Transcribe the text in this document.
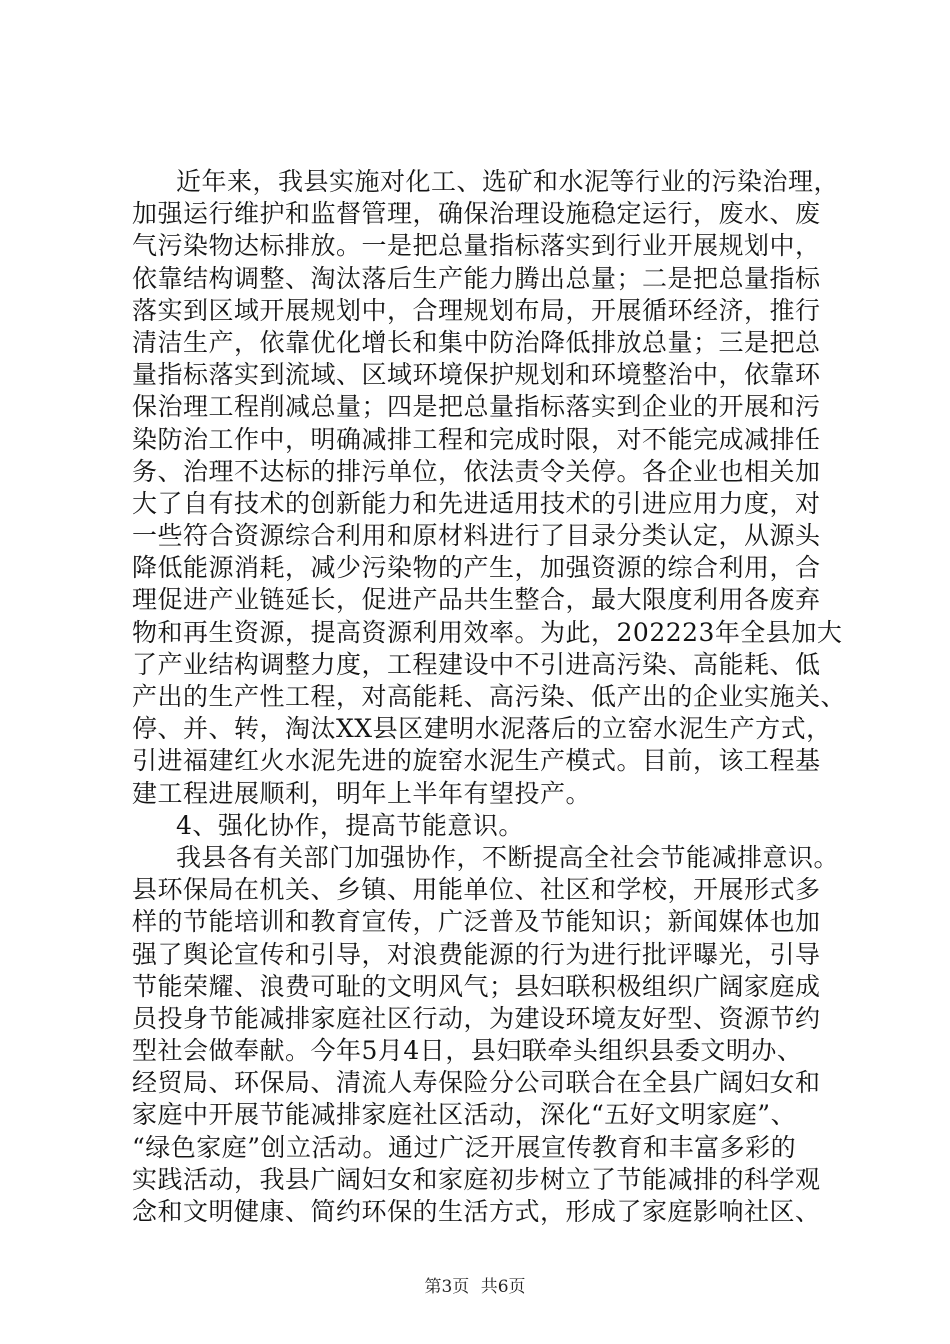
近年来，我县实施对化工、选矿和水泥等行业的污染治理，
加强运行维护和监督管理，确保治理设施稳定运行，废水、废
气污染物达标排放。一是把总量指标落实到行业开展规划中，
依靠结构调整、淘汰落后生产能力腾出总量；二是把总量指标
落实到区域开展规划中，合理规划布局，开展循环经济，推行
清洁生产，依靠优化增长和集中防治降低排放总量；三是把总
量指标落实到流域、区域环境保护规划和环境整治中，依靠环
保治理工程削减总量；四是把总量指标落实到企业的开展和污
染防治工作中，明确减排工程和完成时限，对不能完成减排任
务、治理不达标的排污单位，依法责令关停。各企业也相关加
大了自有技术的创新能力和先进适用技术的引进应用力度，对
一些符合资源综合利用和原材料进行了目录分类认定，从源头
降低能源消耗，减少污染物的产生，加强资源的综合利用，合
理促进产业链延长，促进产品共生整合，最大限度利用各废弃
物和再生资源，提高资源利用效率。为此，202223年全县加大
了产业结构调整力度，工程建设中不引进高污染、高能耗、低
产出的生产性工程，对高能耗、高污染、低产出的企业实施关、
停、并、转，淘汰XX县区建明水泥落后的立窑水泥生产方式，
引进福建红火水泥先进的旋窑水泥生产模式。目前，该工程基
建工程进展顺利，明年上半年有望投产。
4、强化协作，提高节能意识。
我县各有关部门加强协作，不断提高全社会节能减排意识。
县环保局在机关、乡镇、用能单位、社区和学校，开展形式多
样的节能培训和教育宣传，广泛普及节能知识；新闻媒体也加
强了舆论宣传和引导，对浪费能源的行为进行批评曝光，引导
节能荣耀、浪费可耻的文明风气；县妇联积极组织广阔家庭成
员投身节能减排家庭社区行动，为建设环境友好型、资源节约
型社会做奉献。今年5月4日，县妇联牵头组织县委文明办、
经贸局、环保局、清流人寿保险分公司联合在全县广阔妇女和
家庭中开展节能减排家庭社区活动，深化“五好文明家庭”、
“绿色家庭”创立活动。通过广泛开展宣传教育和丰富多彩的
实践活动，我县广阔妇女和家庭初步树立了节能减排的科学观
念和文明健康、简约环保的生活方式，形成了家庭影响社区、
第3页 共6页
